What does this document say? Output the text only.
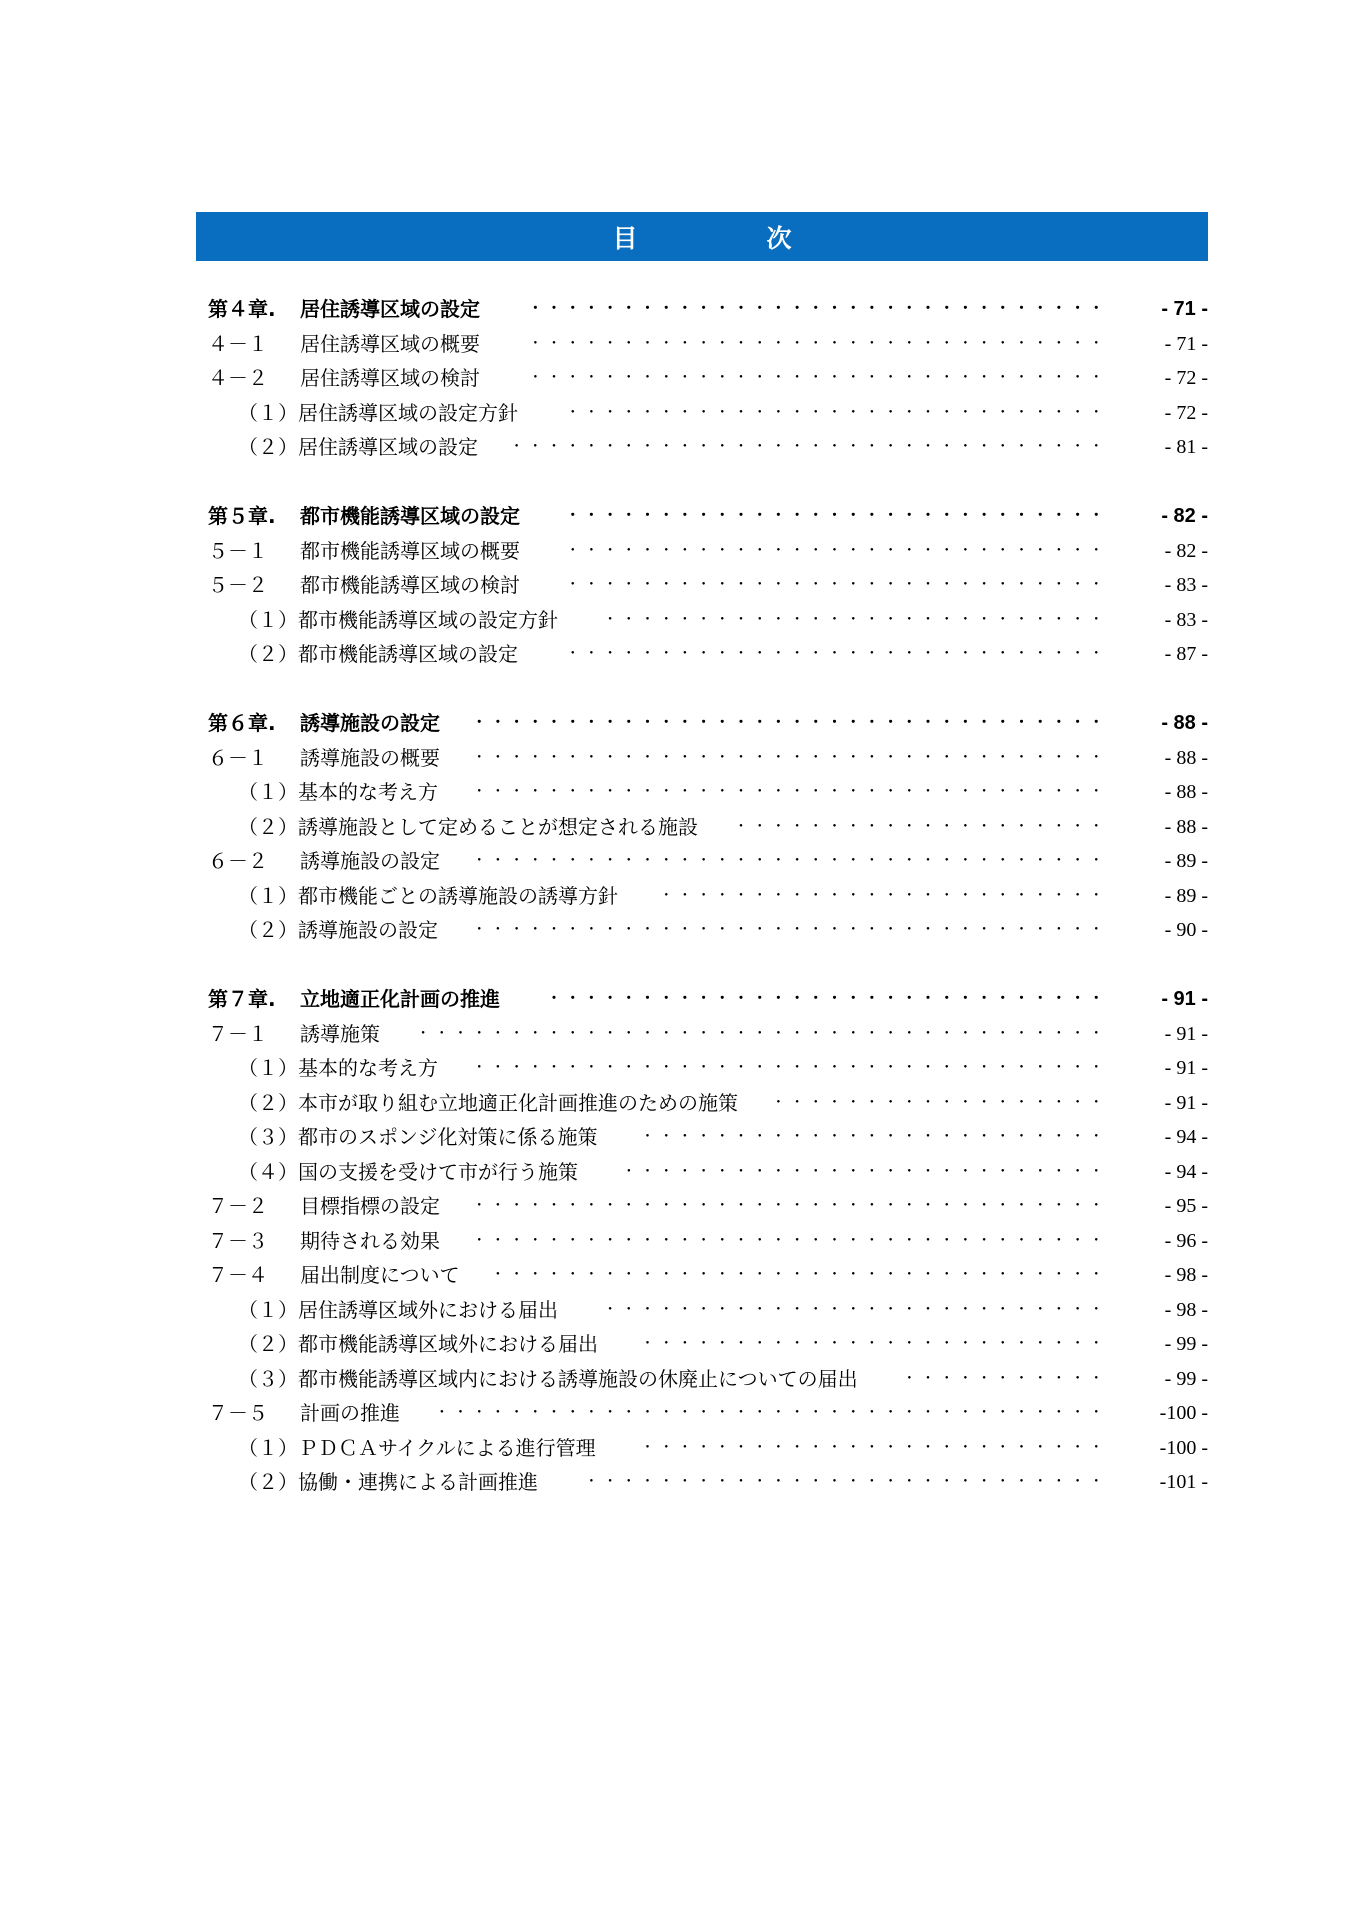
目　次
第４章. 居住誘導区域の設定	・・・・・・・・・・・・・・・・・・・・・・・・・・・・・・・	- 71 -
４－１ 居住誘導区域の概要	・・・・・・・・・・・・・・・・・・・・・・・・・・・・・・・	- 71 -
４－２ 居住誘導区域の検討	・・・・・・・・・・・・・・・・・・・・・・・・・・・・・・・	- 72 -
（１） 居住誘導区域の設定方針	・・・・・・・・・・・・・・・・・・・・・・・・・・・・・	- 72 -
（２） 居住誘導区域の設定 ・・・・・・・・・・・・・・・・・・・・・・・・・・・・・・・・	- 81 -
第５章. 都市機能誘導区域の設定	・・・・・・・・・・・・・・・・・・・・・・・・・・・・・	- 82 -
５－１ 都市機能誘導区域の概要	・・・・・・・・・・・・・・・・・・・・・・・・・・・・・	- 82 -
５－２ 都市機能誘導区域の検討	・・・・・・・・・・・・・・・・・・・・・・・・・・・・・	- 83 -
（１） 都市機能誘導区域の設定方針	・・・・・・・・・・・・・・・・・・・・・・・・・・・	- 83 -
（２） 都市機能誘導区域の設定	・・・・・・・・・・・・・・・・・・・・・・・・・・・・・	- 87 -
第６章. 誘導施設の設定 ・・・・・・・・・・・・・・・・・・・・・・・・・・・・・・・・・・	- 88 -
６－１ 誘導施設の概要 ・・・・・・・・・・・・・・・・・・・・・・・・・・・・・・・・・・	- 88 -
（１） 基本的な考え方 ・・・・・・・・・・・・・・・・・・・・・・・・・・・・・・・・・・	- 88 -
（２） 誘導施設として定めることが想定される施設	・・・・・・・・・・・・・・・・・・・・	- 88 -
６－２ 誘導施設の設定 ・・・・・・・・・・・・・・・・・・・・・・・・・・・・・・・・・・	- 89 -
（１） 都市機能ごとの誘導施設の誘導方針	・・・・・・・・・・・・・・・・・・・・・・・・	- 89 -
（２） 誘導施設の設定 ・・・・・・・・・・・・・・・・・・・・・・・・・・・・・・・・・・	- 90 -
第７章. 立地適正化計画の推進	・・・・・・・・・・・・・・・・・・・・・・・・・・・・・・	- 91 -
７－１ 誘導施策	・・・・・・・・・・・・・・・・・・・・・・・・・・・・・・・・・・・・・	- 91 -
（１） 基本的な考え方 ・・・・・・・・・・・・・・・・・・・・・・・・・・・・・・・・・・	- 91 -
（２） 本市が取り組む立地適正化計画推進のための施策 ・・・・・・・・・・・・・・・・・・	- 91 -
（３） 都市のスポンジ化対策に係る施策	・・・・・・・・・・・・・・・・・・・・・・・・・	- 94 -
（４） 国の支援を受けて市が行う施策	・・・・・・・・・・・・・・・・・・・・・・・・・・	- 94 -
７－２ 目標指標の設定 ・・・・・・・・・・・・・・・・・・・・・・・・・・・・・・・・・・	- 95 -
７－３ 期待される効果 ・・・・・・・・・・・・・・・・・・・・・・・・・・・・・・・・・・	- 96 -
７－４ 届出制度について ・・・・・・・・・・・・・・・・・・・・・・・・・・・・・・・・・	- 98 -
（１） 居住誘導区域外における届出	・・・・・・・・・・・・・・・・・・・・・・・・・・・	- 98 -
（２） 都市機能誘導区域外における届出	・・・・・・・・・・・・・・・・・・・・・・・・・	- 99 -
（３） 都市機能誘導区域内における誘導施設の休廃止についての届出	・・・・・・・・・・・	- 99 -
７－５ 計画の推進 ・・・・・・・・・・・・・・・・・・・・・・・・・・・・・・・・・・・・	-100 -
（１） ＰＤＣＡサイクルによる進行管理	・・・・・・・・・・・・・・・・・・・・・・・・・	-100 -
（２） 協働・連携による計画推進	・・・・・・・・・・・・・・・・・・・・・・・・・・・・	-101 -
